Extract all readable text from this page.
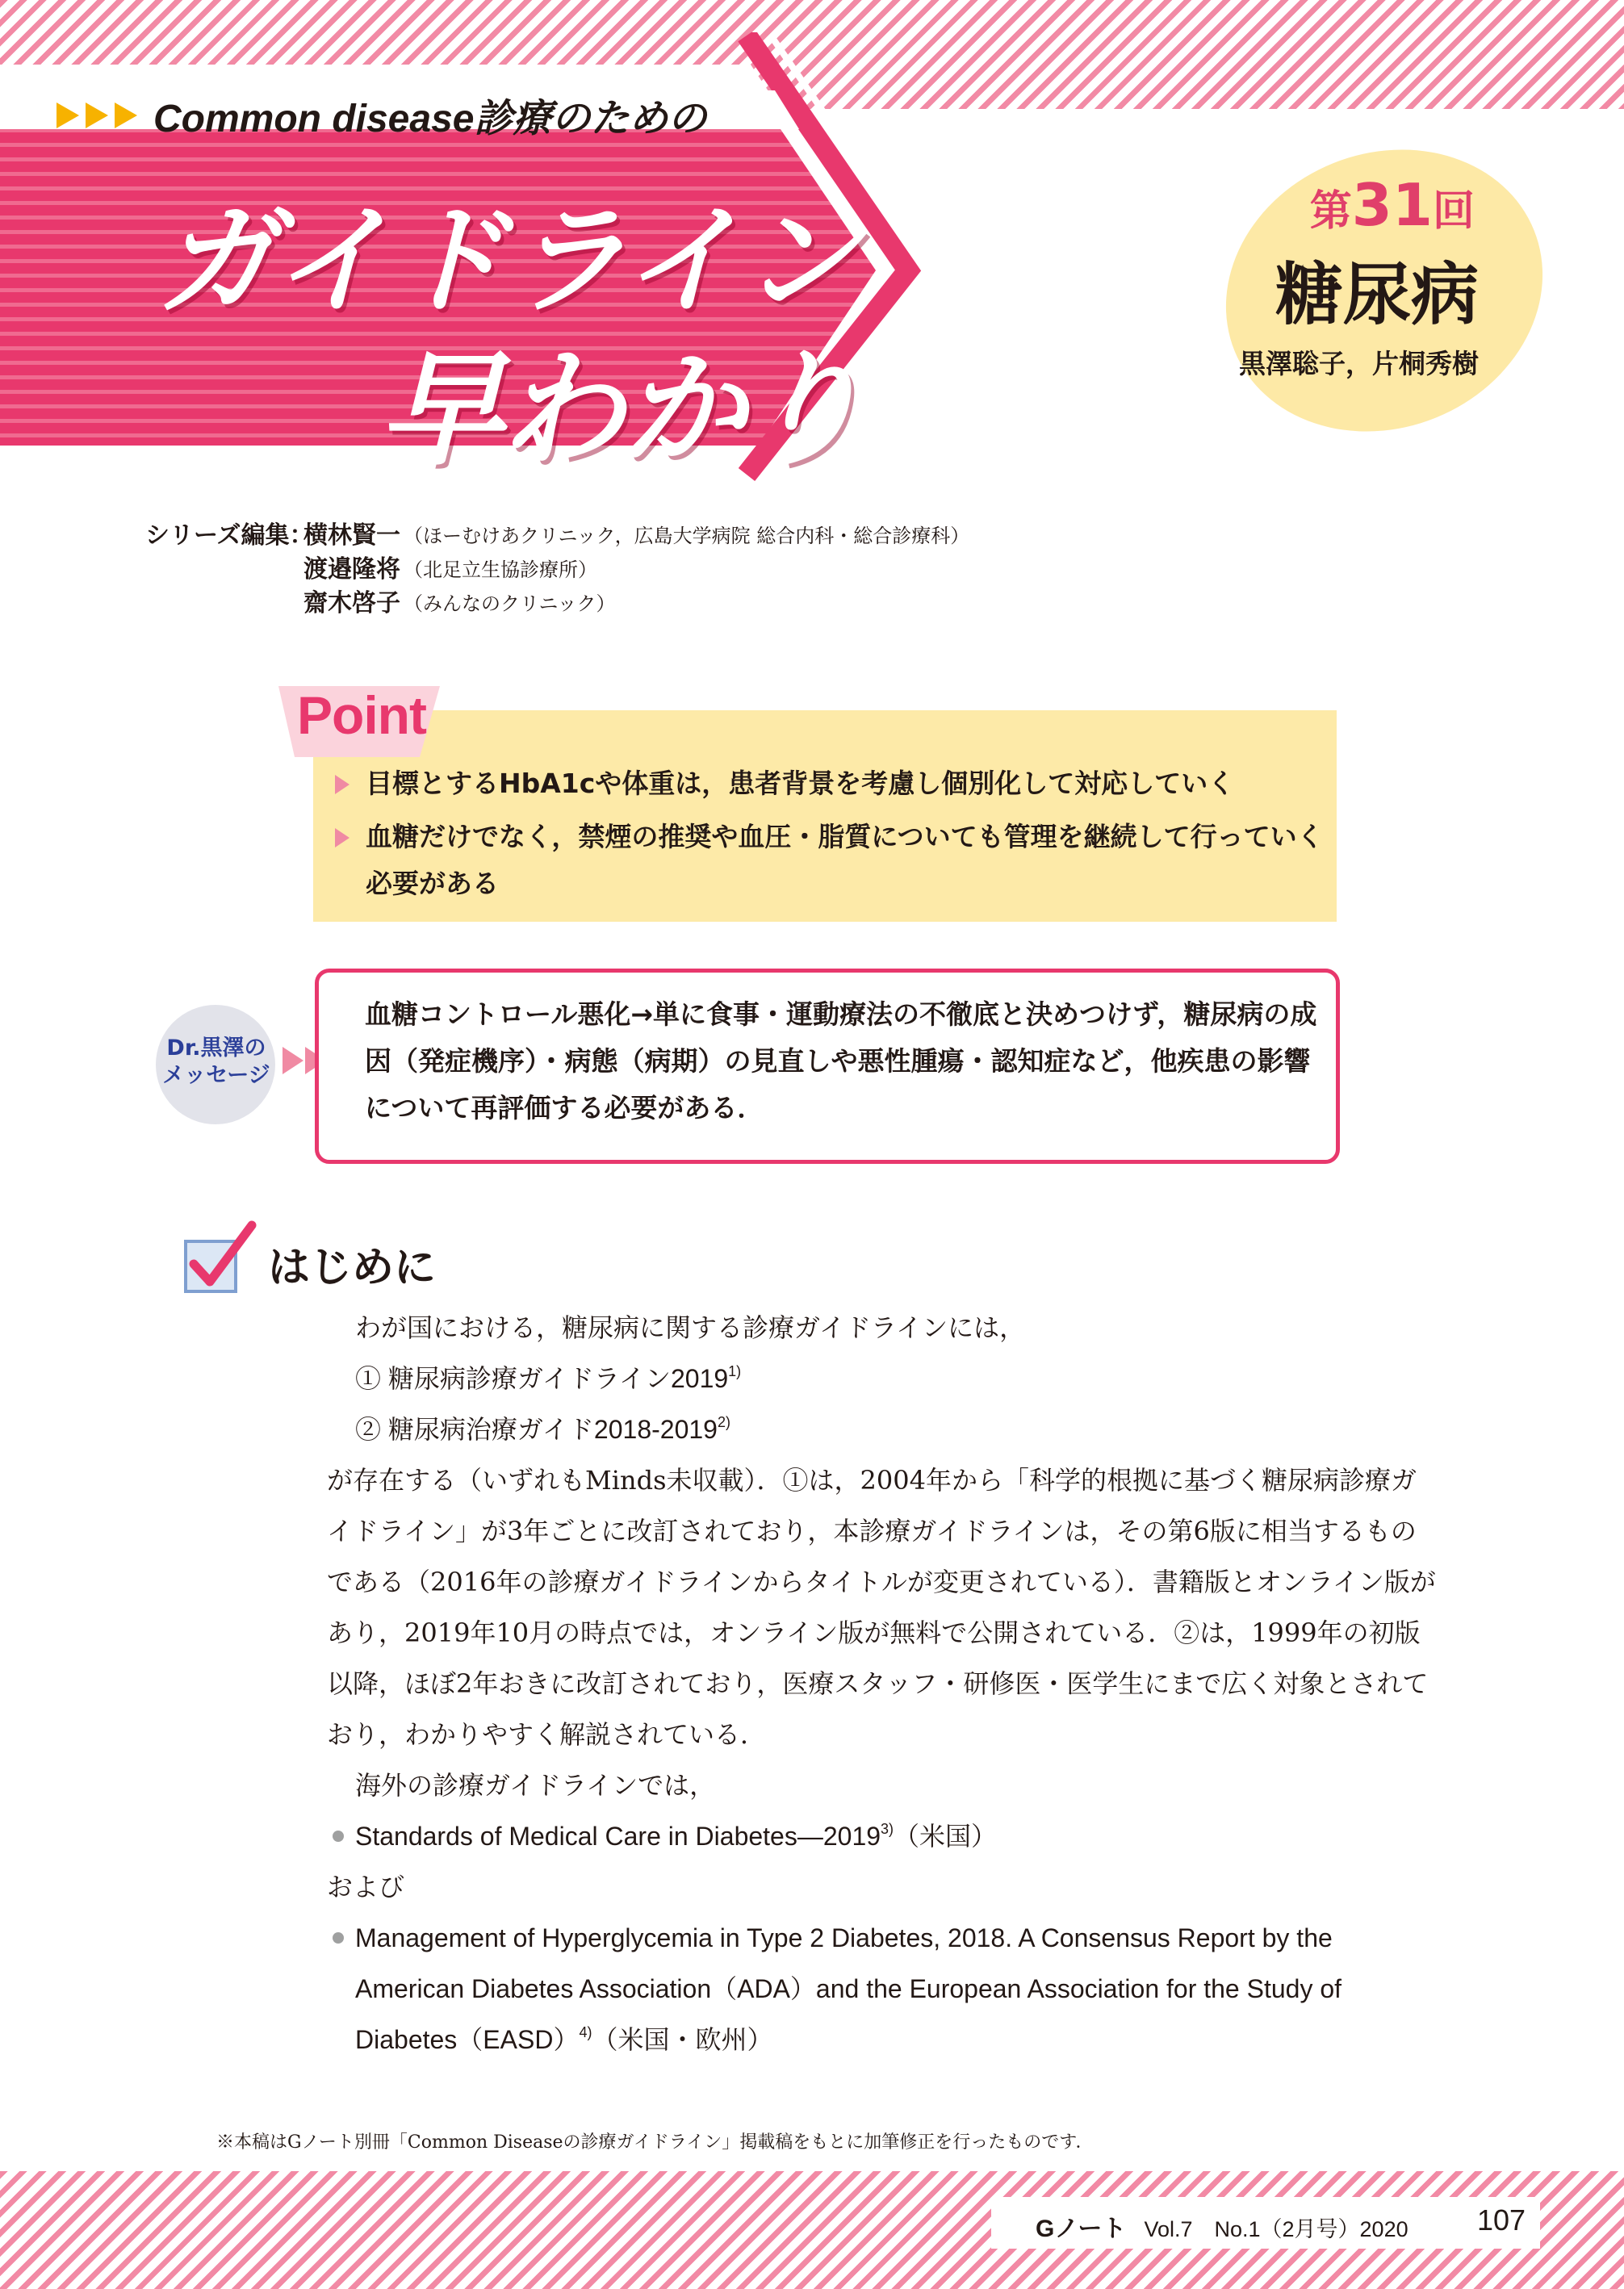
Common disease診療のための
ガイドライン
早わかり
第31回
糖尿病
黒澤聡子，片桐秀樹
シリーズ編集：
横林賢一 （ほーむけあクリニック，広島大学病院 総合内科・総合診療科）
渡邉隆将 （北足立生協診療所）
齋木啓子 （みんなのクリニック）
Point
目標とするHbA1cや体重は，患者背景を考慮し個別化して対応していく
血糖だけでなく，禁煙の推奨や血圧・脂質についても管理を継続して行っていく
必要がある
Dr.黒澤の
メッセージ
血糖コントロール悪化→単に食事・運動療法の不徹底と決めつけず，糖尿病の成
因（発症機序）・病態（病期）の見直しや悪性腫瘍・認知症など，他疾患の影響
について再評価する必要がある．
はじめに
わが国における，糖尿病に関する診療ガイドラインには，
① 糖尿病診療ガイドライン2019$^{1)}$
② 糖尿病治療ガイド2018-2019$^{2)}$
が存在する（いずれもMinds未収載）．①は，2004年から「科学的根拠に基づく糖尿病診療ガ
イドライン」が3年ごとに改訂されており，本診療ガイドラインは，その第6版に相当するもの
である（2016年の診療ガイドラインからタイトルが変更されている）．書籍版とオンライン版が
あり，2019年10月の時点では，オンライン版が無料で公開されている．②は，1999年の初版
以降，ほぼ2年おきに改訂されており，医療スタッフ・研修医・医学生にまで広く対象とされて
おり，わかりやすく解説されている．
海外の診療ガイドラインでは，
Standards of Medical Care in Diabetes—2019$^{3)}$（米国）
および
Management of Hyperglycemia in Type 2 Diabetes, 2018. A Consensus Report by the
American Diabetes Association（ADA）and the European Association for the Study of
Diabetes（EASD）$^{4)}$（米国・欧州）
※本稿はGノート別冊「Common Diseaseの診療ガイドライン」掲載稿をもとに加筆修正を行ったものです．
Gノート Vol.7　No.1（2月号）2020 107
